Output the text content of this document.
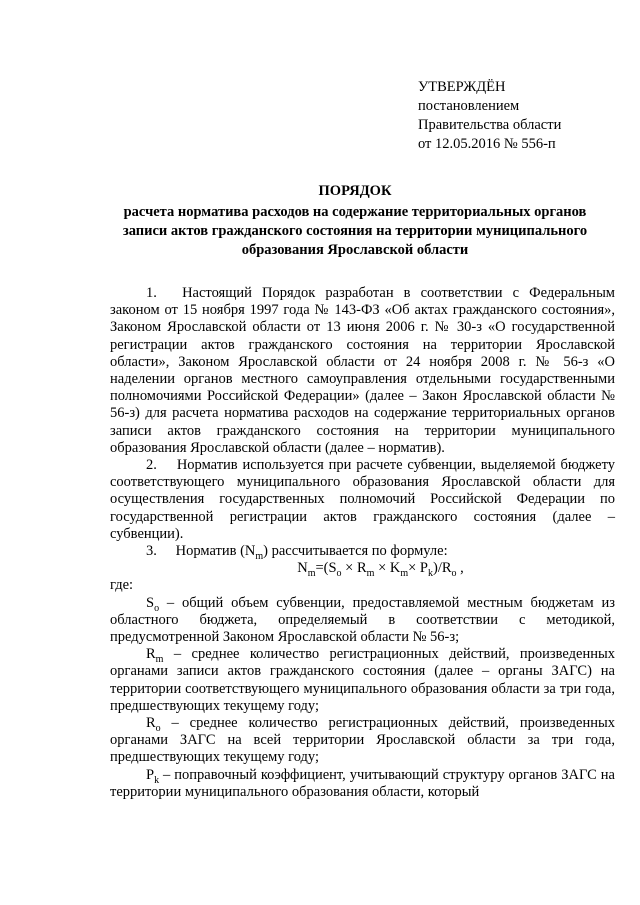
УТВЕРЖДЁН
постановлением
Правительства области
от 12.05.2016 № 556-п
ПОРЯДОК
расчета норматива расходов на содержание территориальных органов
записи актов гражданского состояния на территории муниципального
образования Ярославской области

1. Настоящий Порядок разработан в соответствии с Федеральным законом от 15 ноября 1997 года № 143-ФЗ «Об актах гражданского состояния», Законом Ярославской области от 13 июня 2006 г. № 30-з «О государственной регистрации актов гражданского состояния на территории Ярославской области», Законом Ярославской области от 24 ноября 2008 г. № 56-з «О наделении органов местного самоуправления отдельными государственными полномочиями Российской Федерации» (далее – Закон Ярославской области № 56-з) для расчета норматива расходов на содержание территориальных органов записи актов гражданского состояния на территории муниципального образования Ярославской области (далее – норматив).

2. Норматив используется при расчете субвенции, выделяемой бюджету соответствующего муниципального образования Ярославской области для осуществления государственных полномочий Российской Федерации по государственной регистрации актов гражданского состояния (далее – субвенции).

3. Норматив $(N_m)$ рассчитывается по формуле:

$N_m=(S_o \times R_m \times K_m\times P_k)/R_o$ ,

где:

$S_o$ – общий объем субвенции, предоставляемой местным бюджетам из областного бюджета, определяемый в соответствии с методикой, предусмотренной Законом Ярославской области № 56-з;

$R_m$ – среднее количество регистрационных действий, произведенных органами записи актов гражданского состояния (далее – органы ЗАГС) на территории соответствующего муниципального образования области за три года, предшествующих текущему году;

$R_o$ – среднее количество регистрационных действий, произведенных органами ЗАГС на всей территории Ярославской области за три года, предшествующих текущему году;

$P_k$ – поправочный коэффициент, учитывающий структуру органов ЗАГС на территории муниципального образования области, который
